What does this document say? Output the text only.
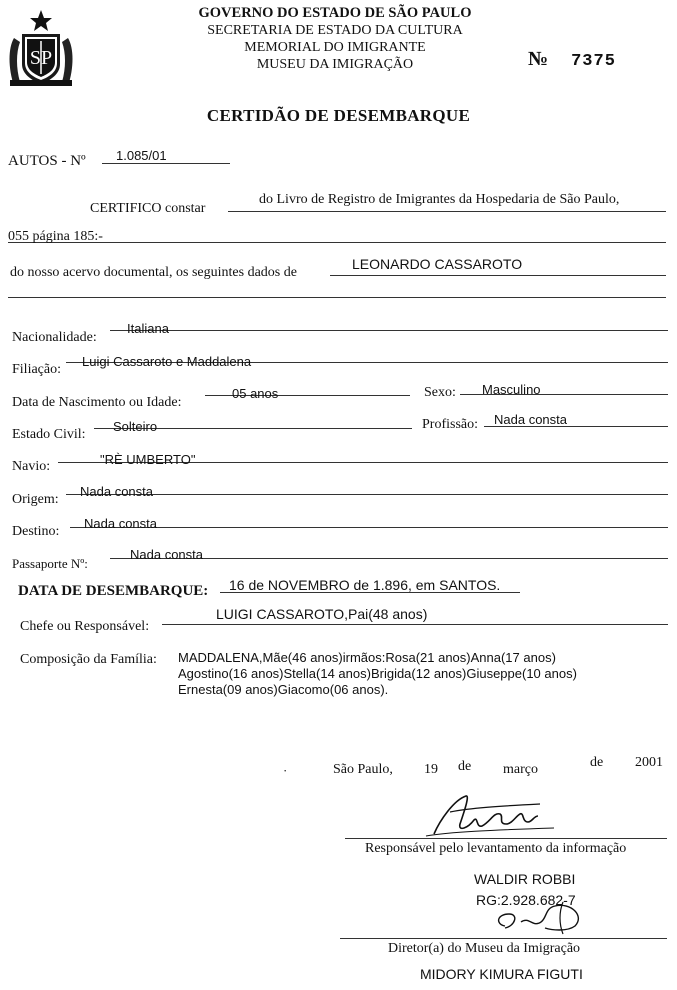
SP
GOVERNO DO ESTADO DE SÃO PAULO
SECRETARIA DE ESTADO DA CULTURA
MEMORIAL DO IMIGRANTE
MUSEU DA IMIGRAÇÃO	№ 7375
CERTIDÃO DE DESEMBARQUE
AUTOS - Nº 1.085/01
CERTIFICO constar
do Livro de Registro de Imigrantes da Hospedaria de São Paulo,
055 página 185:-
do nosso acervo documental, os seguintes dados de
LEONARDO CASSAROTO
Nacionalidade:
Italiana
Filiação:
Luigi Cassaroto e Maddalena
Data de Nascimento ou Idade:
05 anos	Sexo: Masculino
Estado Civil:
Solteiro	Profissão: Nada consta
Navio:	"RÈ UMBERTO"
Origem:
Nada consta
Destino:
Nada consta
Passaporte Nº:
Nada consta
DATA DE DESEMBARQUE: 16 de NOVEMBRO de 1.896, em SANTOS.
Chefe ou Responsável:
LUIGI CASSAROTO,Pai(48 anos)
Composição da Família: MADDALENA,Mãe(46 anos)irmãos:Rosa(21 anos)Anna(17 anos)
Agostino(16 anos)Stella(14 anos)Brigida(12 anos)Giuseppe(10 anos)
Ernesta(09 anos)Giacomo(06 anos).
·	São Paulo, 19 de março	de 2001
Responsável pelo levantamento da informação
WALDIR ROBBI
RG:2.928.682-7
Diretor(a) do Museu da Imigração
MIDORY KIMURA FIGUTI
